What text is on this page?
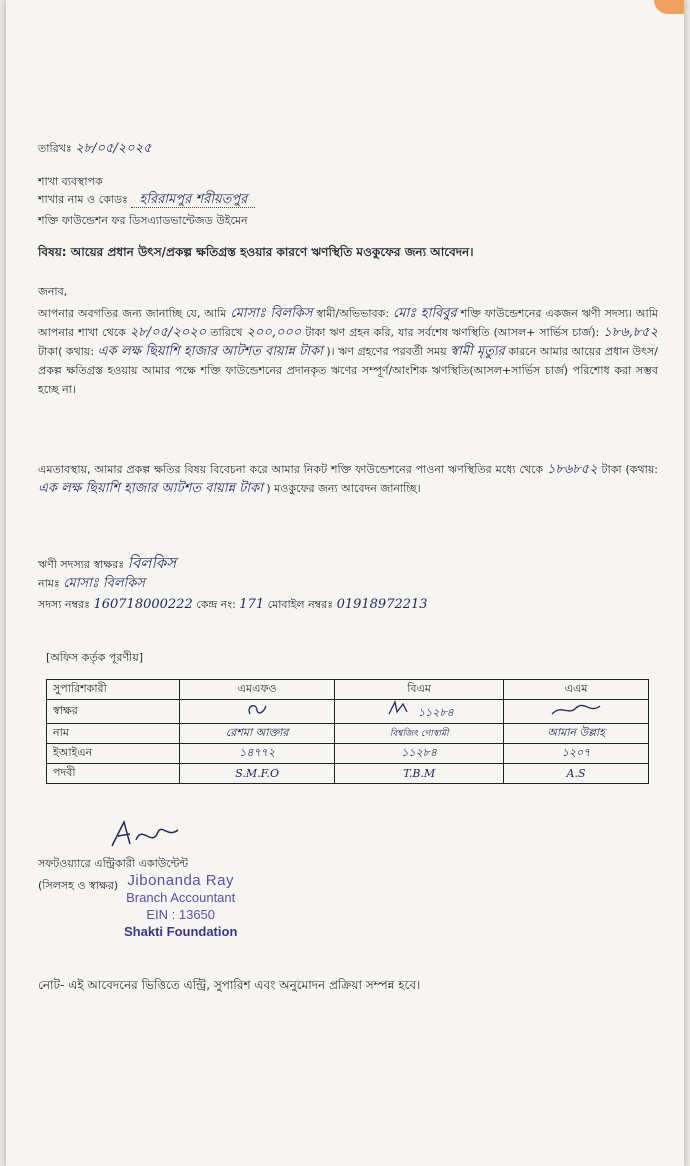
তারিখঃ ২৮/০৫/২০২৫
শাখা ব্যবস্থাপক
শাখার নাম ও কোডঃ হরিরামপুর শরীয়তপুর
শক্তি ফাউন্ডেশন ফর ডিসএ্যাডভান্টেজড উইমেন
বিষয়: আয়ের প্রধান উৎস/প্রকল্প ক্ষতিগ্রস্ত হওয়ার কারণে ঋণস্থিতি মওকুফের জন্য আবেদন।
জনাব,
আপনার অবগতির জন্য জানাচ্ছি যে, আমি মোসাঃ বিলকিস স্বামী/অভিভাবক: মোঃ হাবিবুর শক্তি ফাউন্ডেশনের একজন ঋণী সদস্য। আমি আপনার শাখা থেকে ২৮/০৫/২০২০ তারিখে ২০০,০০০ টাকা ঋণ গ্রহন করি, যার সর্বশেষ ঋণস্থিতি (আসল+ সার্ভিস চার্জ): ১৮৬,৮৫২ টাকা( কথায়: এক লক্ষ ছিয়াশি হাজার আটশত বায়ান্ন টাকা )। ঋণ গ্রহণের পরবর্তী সময় স্বামী মৃত্যুর কারনে আমার আয়ের প্রধান উৎস/প্রকল্প ক্ষতিগ্রস্ত হওয়ায় আমার পক্ষে শক্তি ফাউন্ডেশনের প্রদানকৃত ঋণের সম্পূর্ণ/আংশিক ঋণস্থিতি(আসল+সার্ভিস চার্জ) পরিশোধ করা সম্ভব হচ্ছে না।
এমতাবস্থায়, আমার প্রকল্প ক্ষতির বিষয় বিবেচনা করে আমার নিকট শক্তি ফাউন্ডেশনের পাওনা ঋণস্থিতির মধ্যে থেকে ১৮৬৮৫২ টাকা (কথায়: এক লক্ষ ছিয়াশি হাজার আটশত বায়ান্ন টাকা ) মওকুফের জন্য আবেদন জানাচ্ছি।
ঋণী সদস্যর স্বাক্ষরঃ বিলকিস
নামঃ মোসাঃ বিলকিস
সদস্য নম্বরঃ 160718000222 কেন্দ্র নং: 171 মোবাইল নম্বরঃ 01918972213
[অফিস কর্তৃক পূরণীয়]
সুপারিশকারী	এমএফও	বিএম	এএম
স্বাক্ষর		১১২৮৪	
নাম	রেশমা আক্তার	বিশ্বজিৎ গোস্বামী	আমান উল্লাহ
ইআইএন	১৪৭৭২	১১২৮৪	১২০৭
পদবী	S.M.F.O	T.B.M	A.S
সফটওয়্যারে এন্ট্রিকারী একাউন্টেন্ট
(সিলসহ ও স্বাক্ষর) Jibonanda Ray
Branch Accountant
EIN : 13650
Shakti Foundation
নোট- এই আবেদনের ভিত্তিতে এন্ট্রি, সুপারিশ এবং অনুমোদন প্রক্রিয়া সম্পন্ন হবে।
